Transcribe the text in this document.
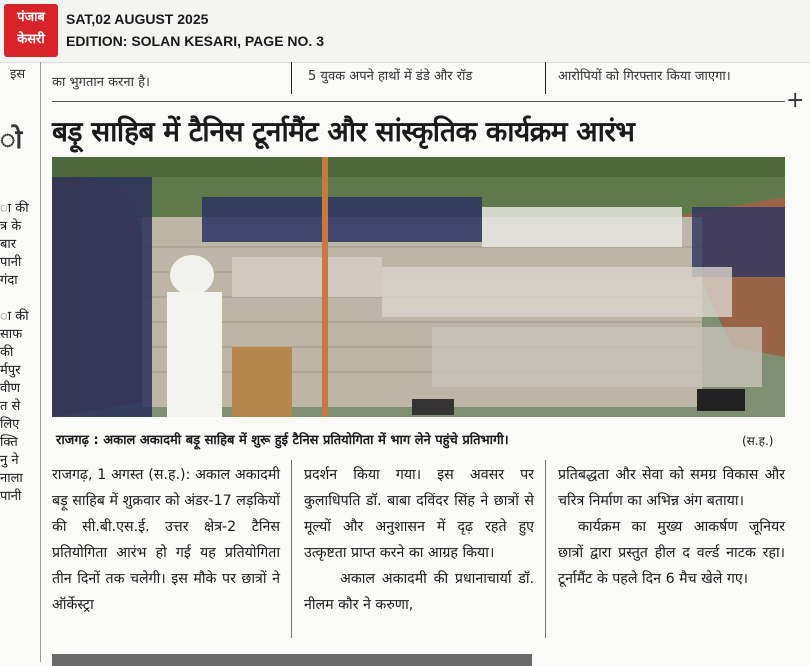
पंजाब
केसरी
SAT,02 AUGUST 2025
EDITION: SOLAN KESARI, PAGE NO. 3
इस
ो
का भुगतान करना है।	5 युवक अपने हाथों में डंडे और रॉड	आरोपियों को गिरफ्तार किया जाएगा।
+
ा की
त्र के
बार
पानी
गंदा
ा की
साफ
की
र्मपुर
वीण
त से
लिए
क्ति
नु ने
नाला
पानी
बड़ू साहिब में टैनिस टूर्नामैंट और सांस्कृतिक कार्यक्रम आरंभ
राजगढ़ : अकाल अकादमी बड़ू साहिब में शुरू हुई टैनिस प्रतियोगिता में भाग लेने पहुंचे प्रतिभागी।	(स.ह.)

राजगढ़, 1 अगस्त (स.ह.): अकाल अकादमी बड़ू साहिब में शुक्रवार को अंडर-17 लड़कियों की सी.बी.एस.ई. उत्तर क्षेत्र-2 टैनिस प्रतियोगिता आरंभ हो गई यह प्रतियोगिता तीन दिनों तक चलेगी। इस मौके पर छात्रों ने ऑर्केस्ट्रा

प्रदर्शन किया गया। इस अवसर पर कुलाधिपति डॉ. बाबा दविंदर सिंह ने छात्रों से मूल्यों और अनुशासन में दृढ़ रहते हुए उत्कृष्टता प्राप्त करने का आग्रह किया।

अकाल अकादमी की प्रधानाचार्या डॉ. नीलम कौर ने करुणा,

प्रतिबद्धता और सेवा को समग्र विकास और चरित्र निर्माण का अभिन्न अंग बताया।

कार्यक्रम का मुख्य आकर्षण जूनियर छात्रों द्वारा प्रस्तुत हील द वर्ल्ड नाटक रहा। टूर्नामैंट के पहले दिन 6 मैच खेले गए।
